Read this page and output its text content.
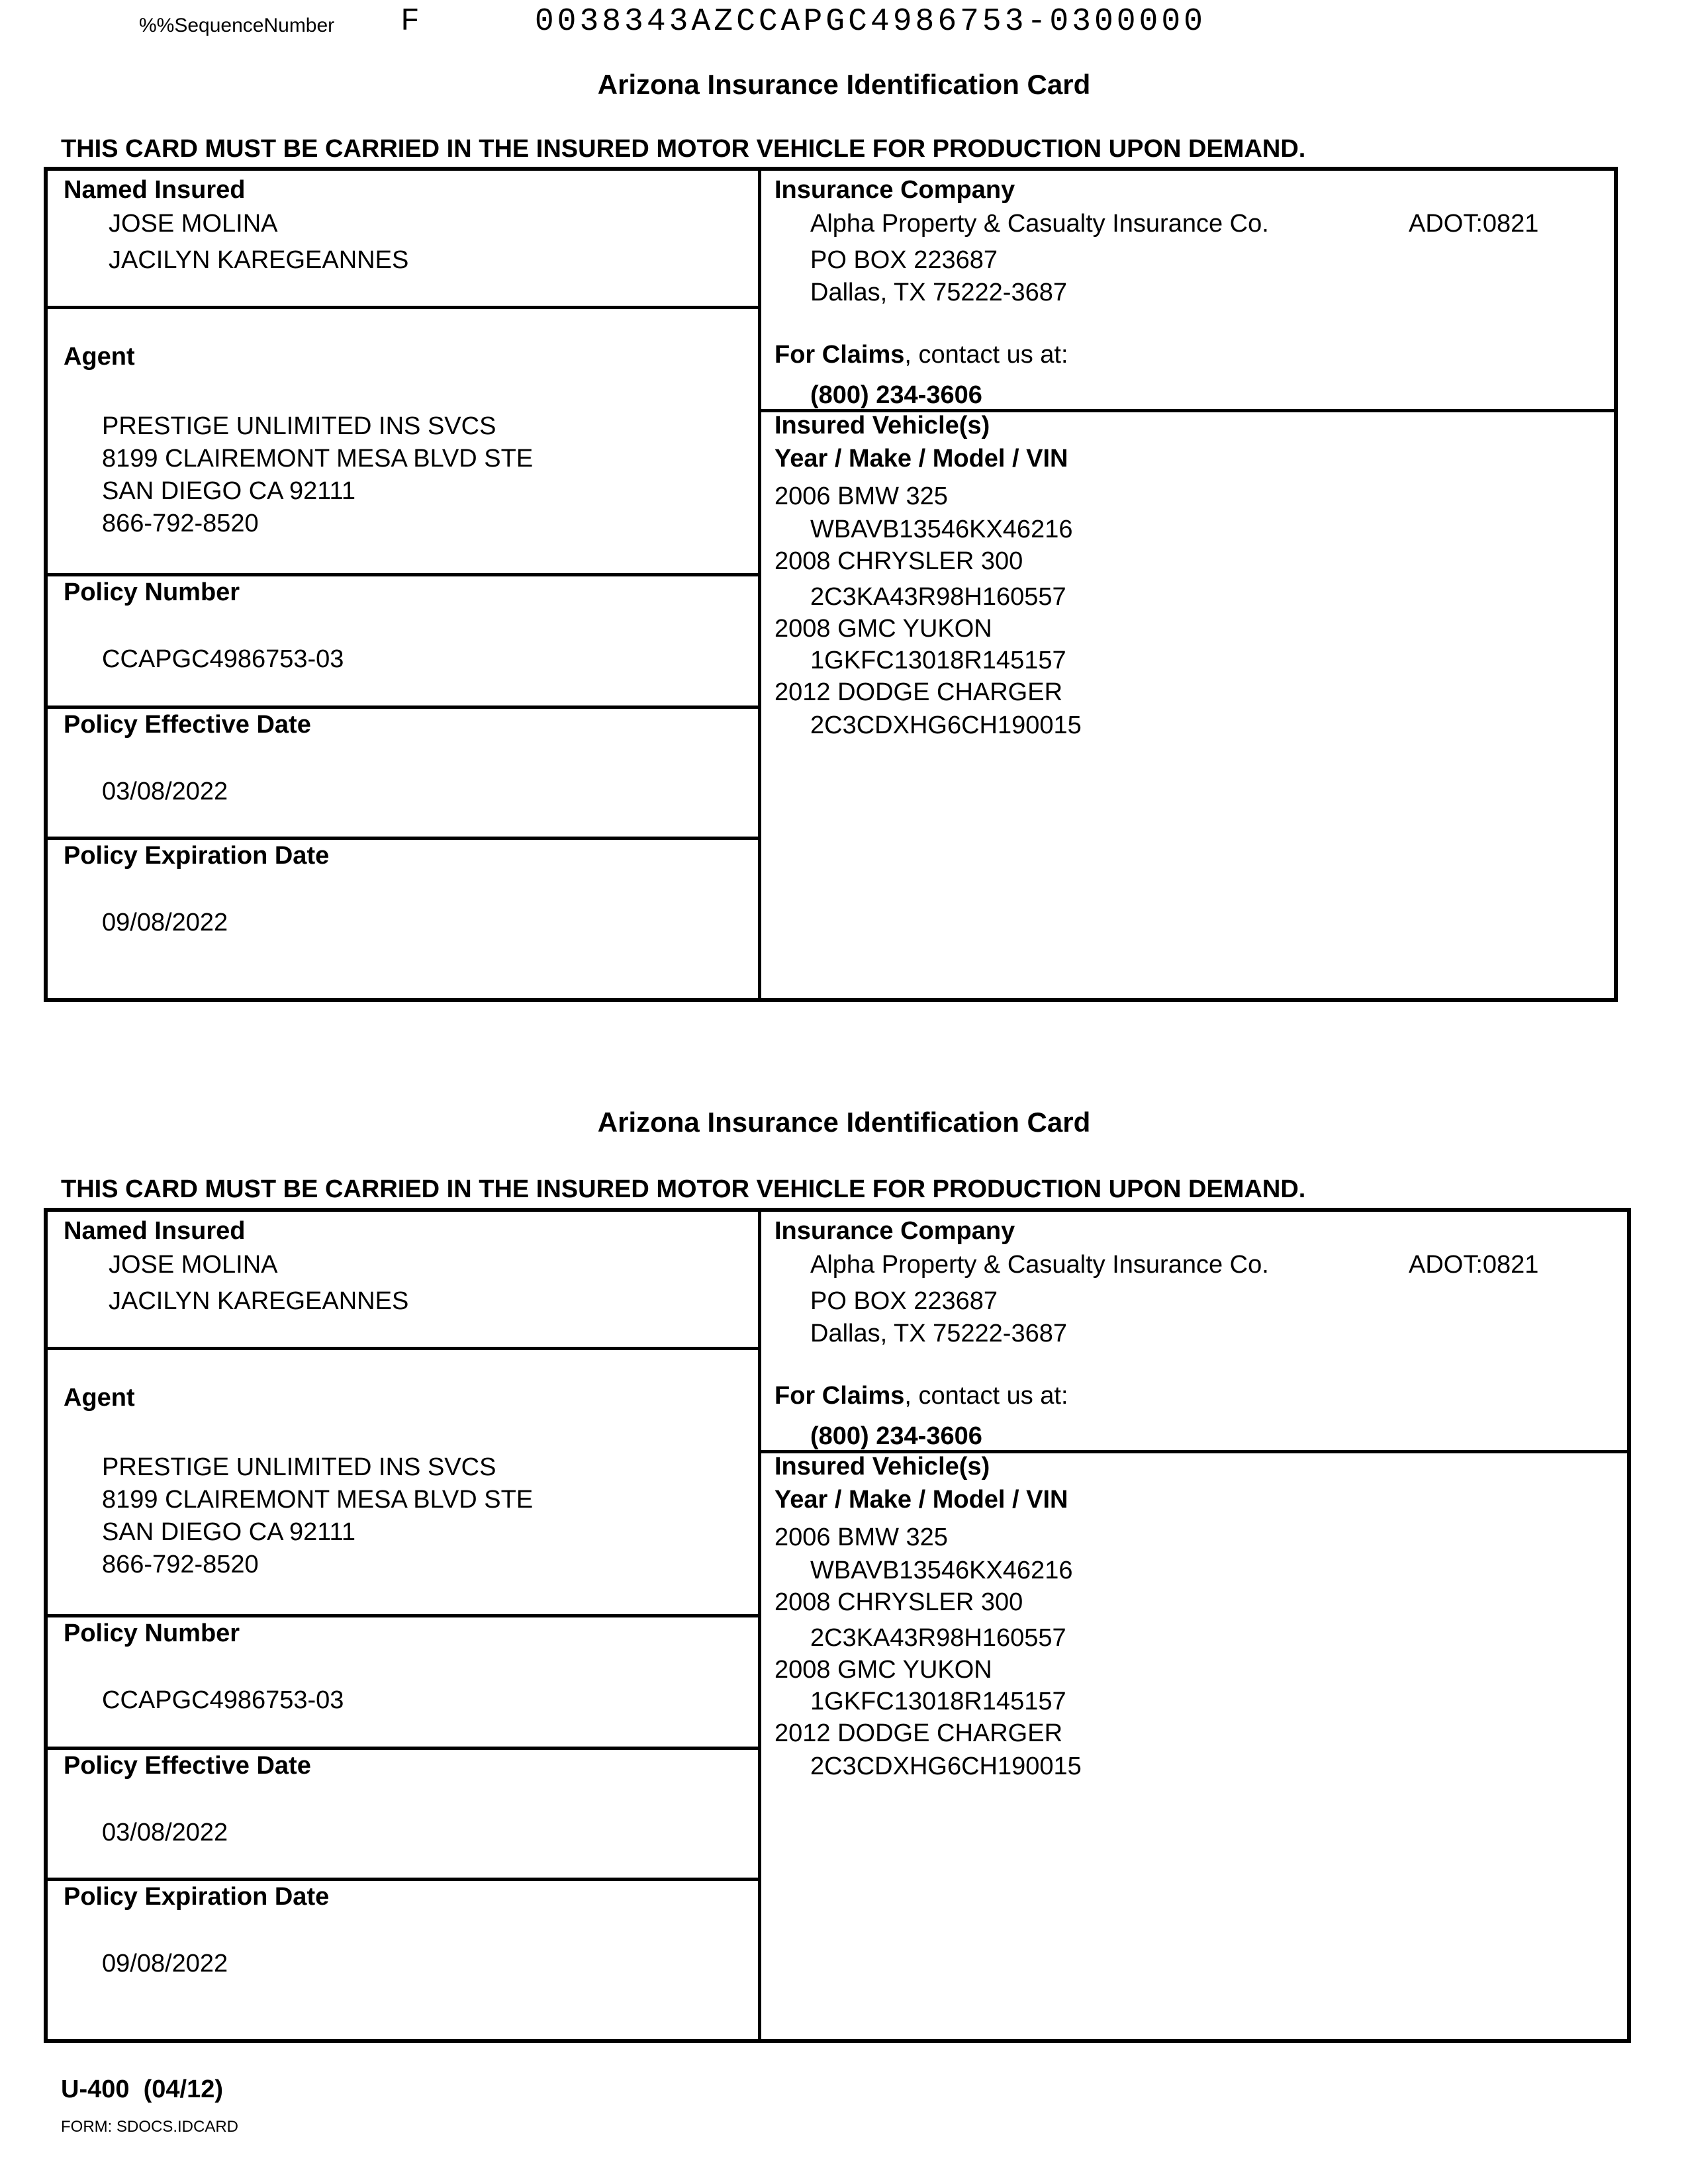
%%SequenceNumber F     0038343AZCCAPGC4986753-0300000
Arizona Insurance Identification Card
THIS CARD MUST BE CARRIED IN THE INSURED MOTOR VEHICLE FOR PRODUCTION UPON DEMAND.
Named Insured
JOSE MOLINA
JACILYN KAREGEANNES
Agent
PRESTIGE UNLIMITED INS SVCS
8199 CLAIREMONT MESA BLVD STE
SAN DIEGO CA 92111
866-792-8520
Policy Number
CCAPGC4986753-03
Policy Effective Date
03/08/2022
Policy Expiration Date
09/08/2022
Insurance Company
Alpha Property & Casualty Insurance Co.	ADOT:0821
PO BOX 223687
Dallas, TX 75222-3687
For Claims, contact us at:
(800) 234-3606
Insured Vehicle(s)
Year / Make / Model / VIN
2006 BMW 325
WBAVB13546KX46216
2008 CHRYSLER 300
2C3KA43R98H160557
2008 GMC YUKON
1GKFC13018R145157
2012 DODGE CHARGER
2C3CDXHG6CH190015
Arizona Insurance Identification Card
THIS CARD MUST BE CARRIED IN THE INSURED MOTOR VEHICLE FOR PRODUCTION UPON DEMAND.
Named Insured
JOSE MOLINA
JACILYN KAREGEANNES
Agent
PRESTIGE UNLIMITED INS SVCS
8199 CLAIREMONT MESA BLVD STE
SAN DIEGO CA 92111
866-792-8520
Policy Number
CCAPGC4986753-03
Policy Effective Date
03/08/2022
Policy Expiration Date
09/08/2022
Insurance Company
Alpha Property & Casualty Insurance Co.	ADOT:0821
PO BOX 223687
Dallas, TX 75222-3687
For Claims, contact us at:
(800) 234-3606
Insured Vehicle(s)
Year / Make / Model / VIN
2006 BMW 325
WBAVB13546KX46216
2008 CHRYSLER 300
2C3KA43R98H160557
2008 GMC YUKON
1GKFC13018R145157
2012 DODGE CHARGER
2C3CDXHG6CH190015
U-400  (04/12)
FORM: SDOCS.IDCARD
